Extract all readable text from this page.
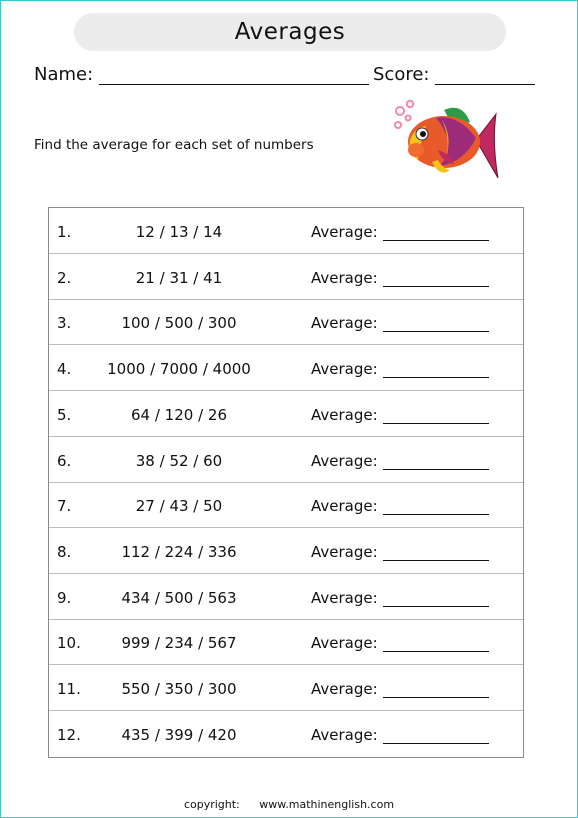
Averages
Name:	Score:
Find the average for each set of numbers
1.	12 / 13 / 14	Average:
2.	21 / 31 / 41	Average:
3.	100 / 500 / 300	Average:
4.	1000 / 7000 / 4000	Average:
5.	64 / 120 / 26	Average:
6.	38 / 52 / 60	Average:
7.	27 / 43 / 50	Average:
8.	112 / 224 / 336	Average:
9.	434 / 500 / 563	Average:
10.	999 / 234 / 567	Average:
11.	550 / 350 / 300	Average:
12.	435 / 399 / 420	Average:
copyright: www.mathinenglish.com
